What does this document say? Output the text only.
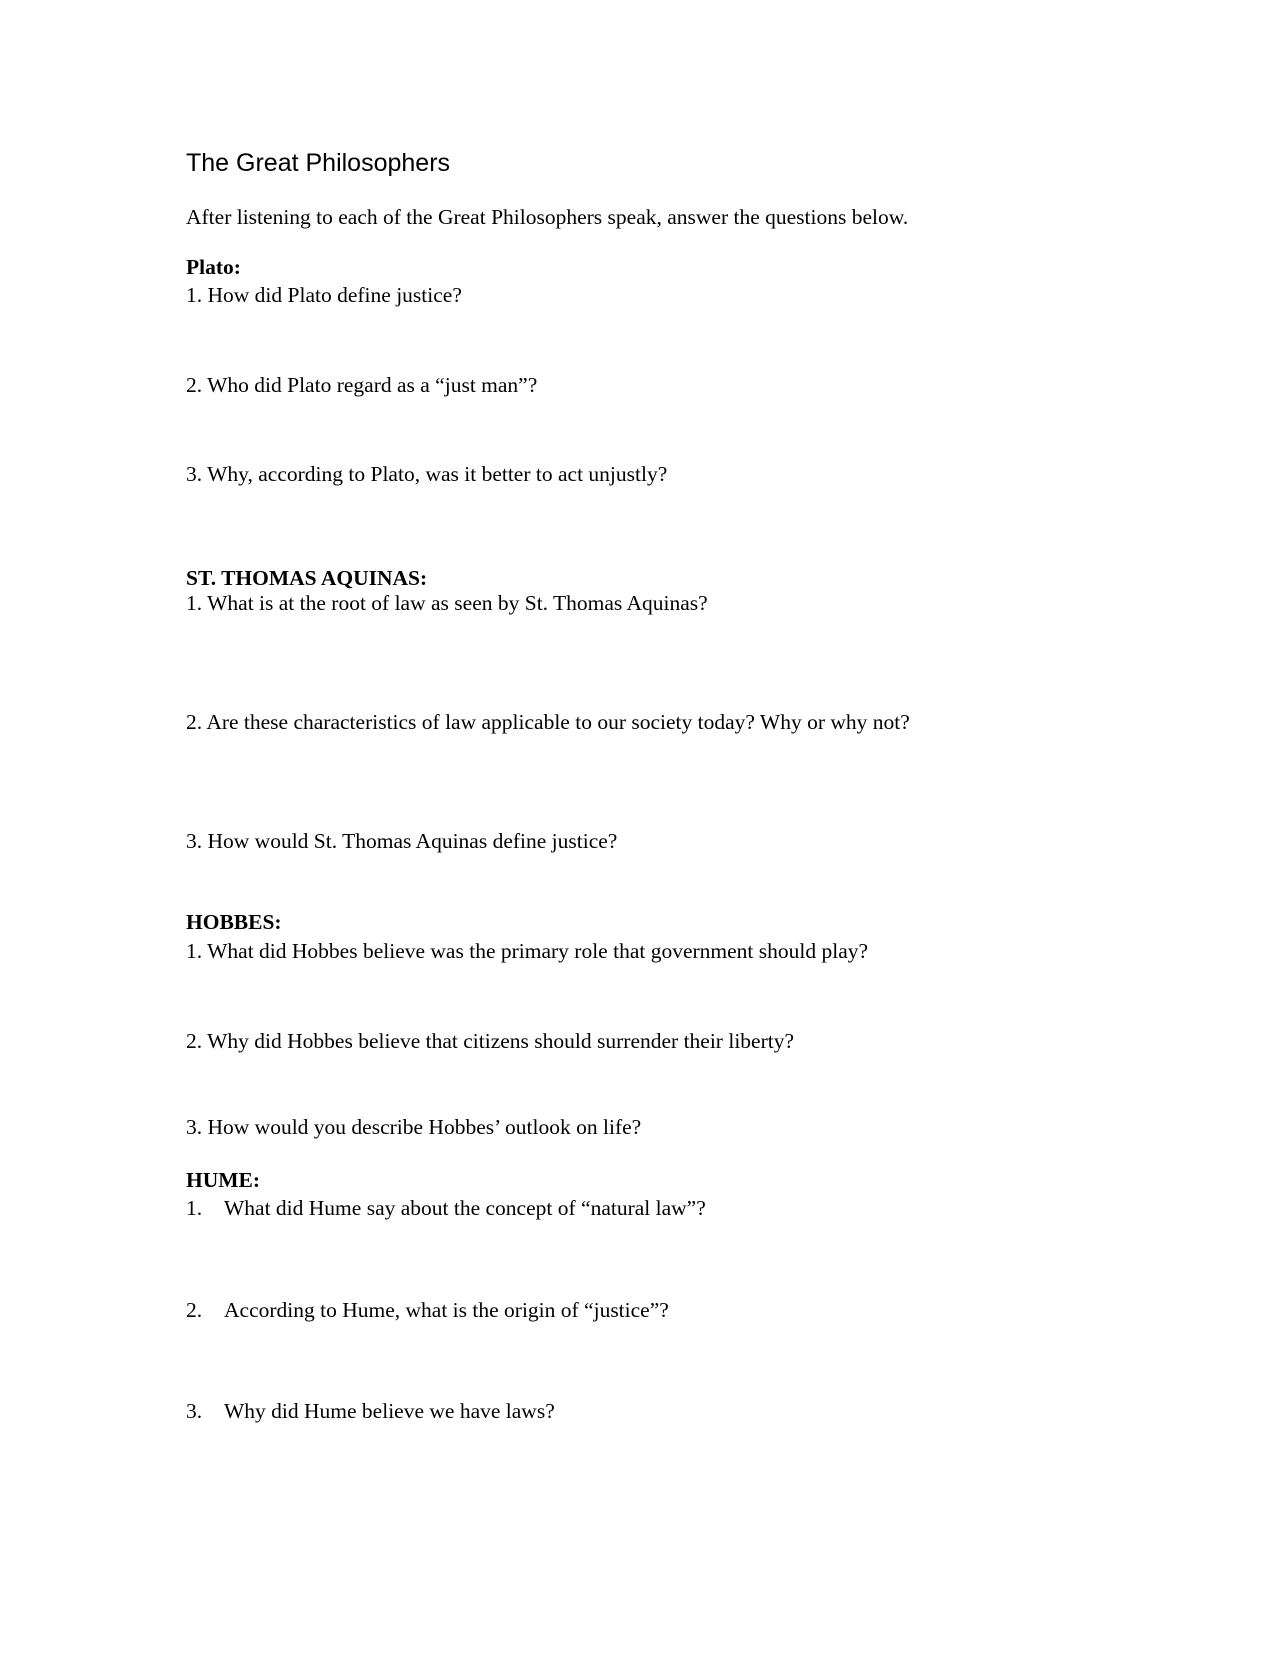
The Great Philosophers
After listening to each of the Great Philosophers speak, answer the questions below.
Plato:
1. How did Plato define justice?
2. Who did Plato regard as a “just man”?
3. Why, according to Plato, was it better to act unjustly?
ST. THOMAS AQUINAS:
1. What is at the root of law as seen by St. Thomas Aquinas?
2. Are these characteristics of law applicable to our society today? Why or why not?
3. How would St. Thomas Aquinas define justice?
HOBBES:
1. What did Hobbes believe was the primary role that government should play?
2. Why did Hobbes believe that citizens should surrender their liberty?
3. How would you describe Hobbes’ outlook on life?
HUME:
1. What did Hume say about the concept of “natural law”?
2. According to Hume, what is the origin of “justice”?
3. Why did Hume believe we have laws?
